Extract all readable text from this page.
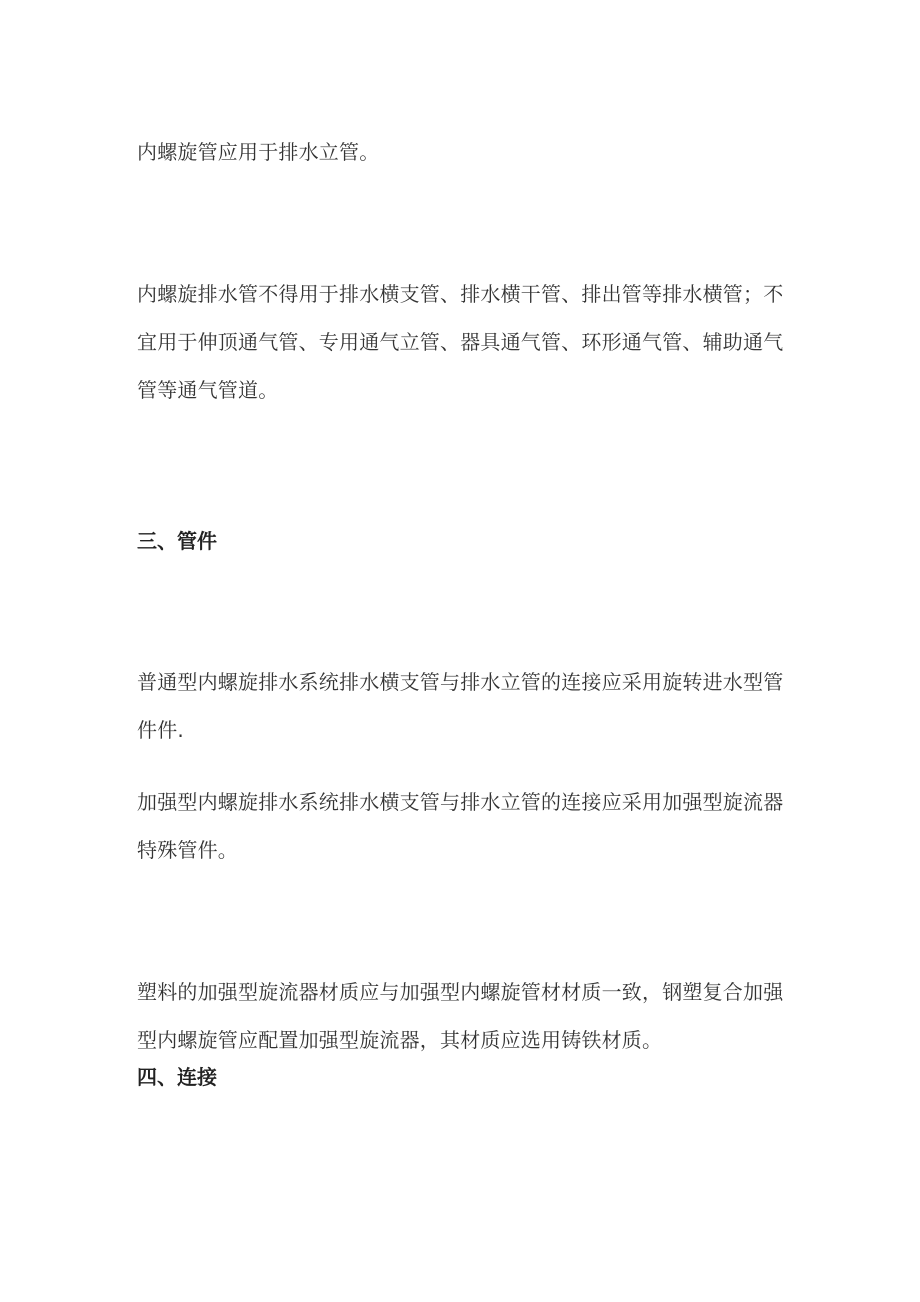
内螺旋管应用于排水立管。

内螺旋排水管不得用于排水横支管、排水横干管、排出管等排水横管；不宜用于伸顶通气管、专用通气立管、器具通气管、环形通气管、辅助通气管等通气管道。

三、管件

普通型内螺旋排水系统排水横支管与排水立管的连接应采用旋转进水型管件件.

加强型内螺旋排水系统排水横支管与排水立管的连接应采用加强型旋流器特殊管件。

塑料的加强型旋流器材质应与加强型内螺旋管材材质一致，钢塑复合加强型内螺旋管应配置加强型旋流器，其材质应选用铸铁材质。

四、连接
